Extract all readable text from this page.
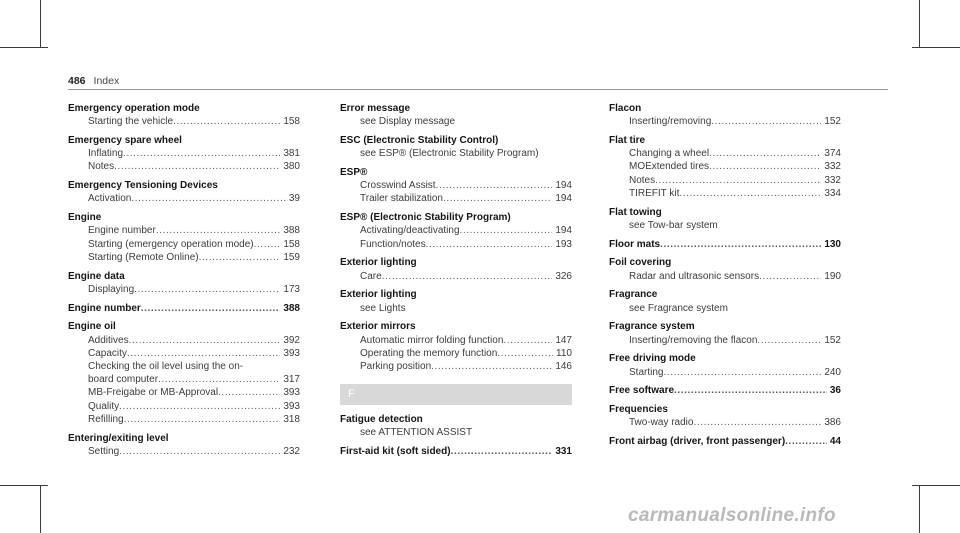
486 Index
Emergency operation mode
Starting the vehicle .....	158
Emergency spare wheel
Inflating .....	381
Notes .....	380
Emergency Tensioning Devices
Activation .....	39
Engine
Engine number .....	388
Starting (emergency operation mode) .....	158
Starting (Remote Online) .....	159
Engine data
Displaying .....	173
Engine number .....	388
Engine oil
Additives .....	392
Capacity .....	393
Checking the oil level using the on-
board computer .....	317
MB-Freigabe or MB-Approval .....	393
Quality .....	393
Refilling .....	318
Entering/exiting level
Setting .....	232
Error message
see Display message
ESC (Electronic Stability Control)
see ESP® (Electronic Stability Program)
ESP®
Crosswind Assist .....	194
Trailer stabilization .....	194
ESP® (Electronic Stability Program)
Activating/deactivating .....	194
Function/notes .....	193
Exterior lighting
Care .....	326
Exterior lighting
see Lights
Exterior mirrors
Automatic mirror folding function .....	147
Operating the memory function .....	110
Parking position .....	146
F
Fatigue detection
see ATTENTION ASSIST
First-aid kit (soft sided) .....	331
Flacon
Inserting/removing .....	152
Flat tire
Changing a wheel .....	374
MOExtended tires .....	332
Notes .....	332
TIREFIT kit .....	334
Flat towing
see Tow-bar system
Floor mats .....	130
Foil covering
Radar and ultrasonic sensors .....	190
Fragrance
see Fragrance system
Fragrance system
Inserting/removing the flacon .....	152
Free driving mode
Starting .....	240
Free software .....	36
Frequencies
Two-way radio .....	386
Front airbag (driver, front passenger) .....	44
carmanualsonline.info
